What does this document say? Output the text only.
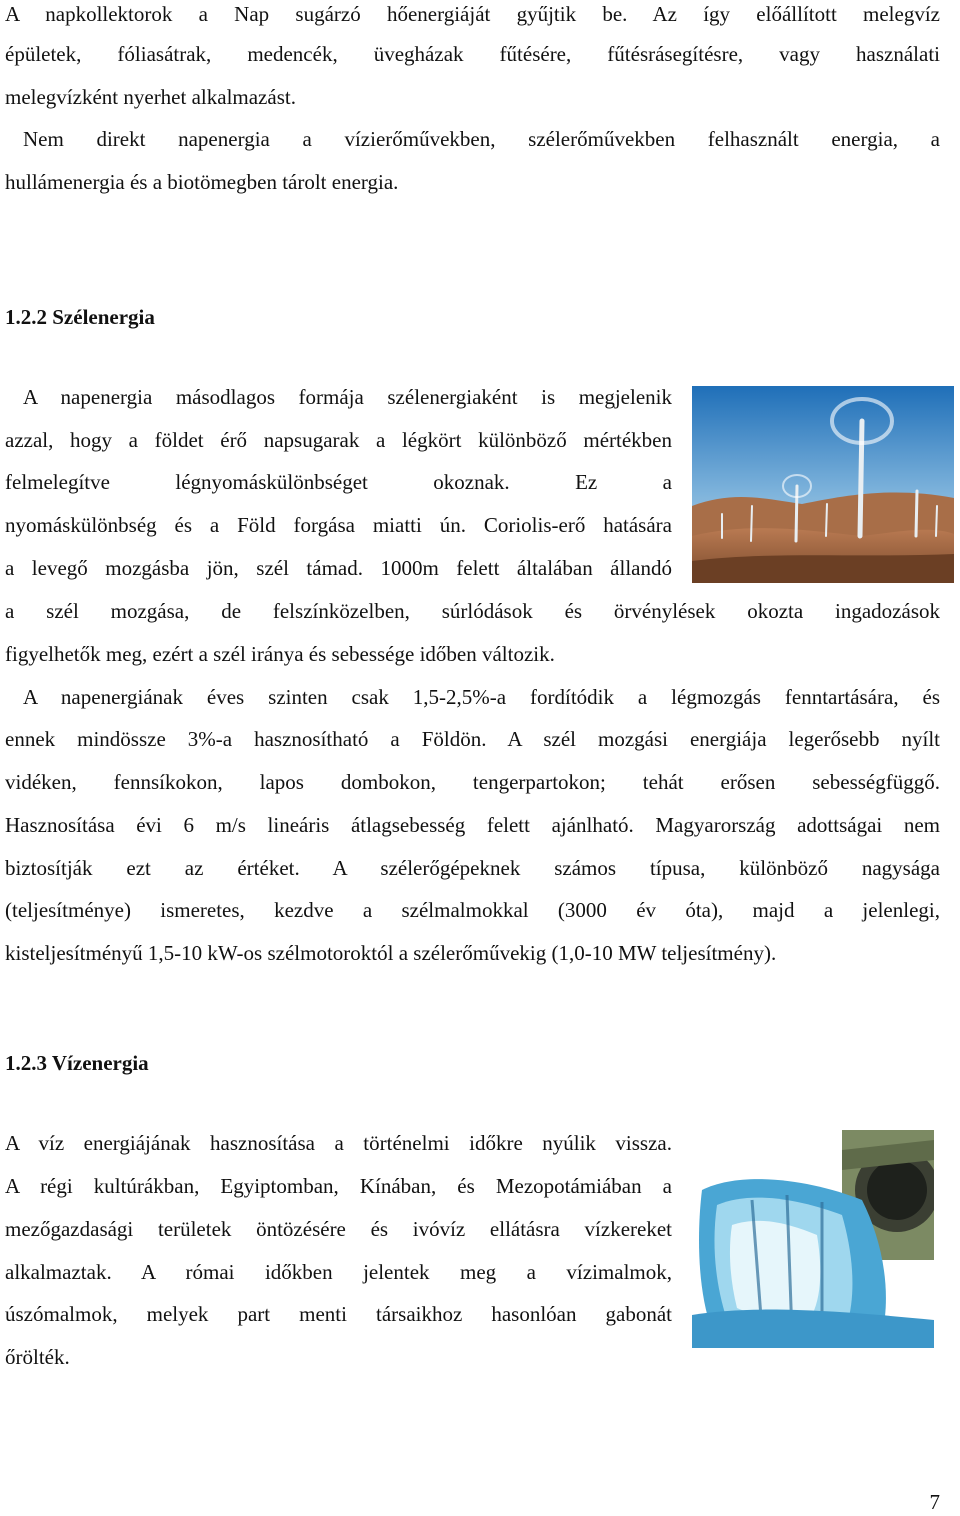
A napkollektorok a Nap sugárzó hőenergiáját gyűjtik be. Az így előállított melegvíz

épületek, fóliasátrak, medencék, üvegházak fűtésére, fűtésrásegítésre, vagy használati

melegvízként nyerhet alkalmazást.

Nem direkt napenergia a vízierőművekben, szélerőművekben felhasznált energia, a

hullámenergia és a biotömegben tárolt energia.

1.2.2 Szélenergia

A napenergia másodlagos formája szélenergiaként is megjelenik

azzal, hogy a földet érő napsugarak a légkört különböző mértékben

felmelegítve légnyomáskülönbséget okoznak. Ez a

nyomáskülönbség és a Föld forgása miatti ún. Coriolis-erő hatására

a levegő mozgásba jön, szél támad. 1000m felett általában állandó

a szél mozgása, de felszínközelben, súrlódások és örvénylések okozta ingadozások

figyelhetők meg, ezért a szél iránya és sebessége időben változik.

A napenergiának éves szinten csak 1,5-2,5%-a fordítódik a légmozgás fenntartására, és

ennek mindössze 3%-a hasznosítható a Földön. A szél mozgási energiája legerősebb nyílt

vidéken, fennsíkokon, lapos dombokon, tengerpartokon; tehát erősen sebességfüggő.

Hasznosítása évi 6 m/s lineáris átlagsebesség felett ajánlható. Magyarország adottságai nem

biztosítják ezt az értéket. A szélerőgépeknek számos típusa, különböző nagysága

(teljesítménye) ismeretes, kezdve a szélmalmokkal (3000 év óta), majd a jelenlegi,

kisteljesítményű 1,5-10 kW-os szélmotoroktól a szélerőművekig (1,0-10 MW teljesítmény).

1.2.3 Vízenergia

A víz energiájának hasznosítása a történelmi időkre nyúlik vissza.

A régi kultúrákban, Egyiptomban, Kínában, és Mezopotámiában a

mezőgazdasági területek öntözésére és ivóvíz ellátásra vízkereket

alkalmaztak. A római időkben jelentek meg a vízimalmok,

úszómalmok, melyek part menti társaikhoz hasonlóan gabonát

őrölték.

7
